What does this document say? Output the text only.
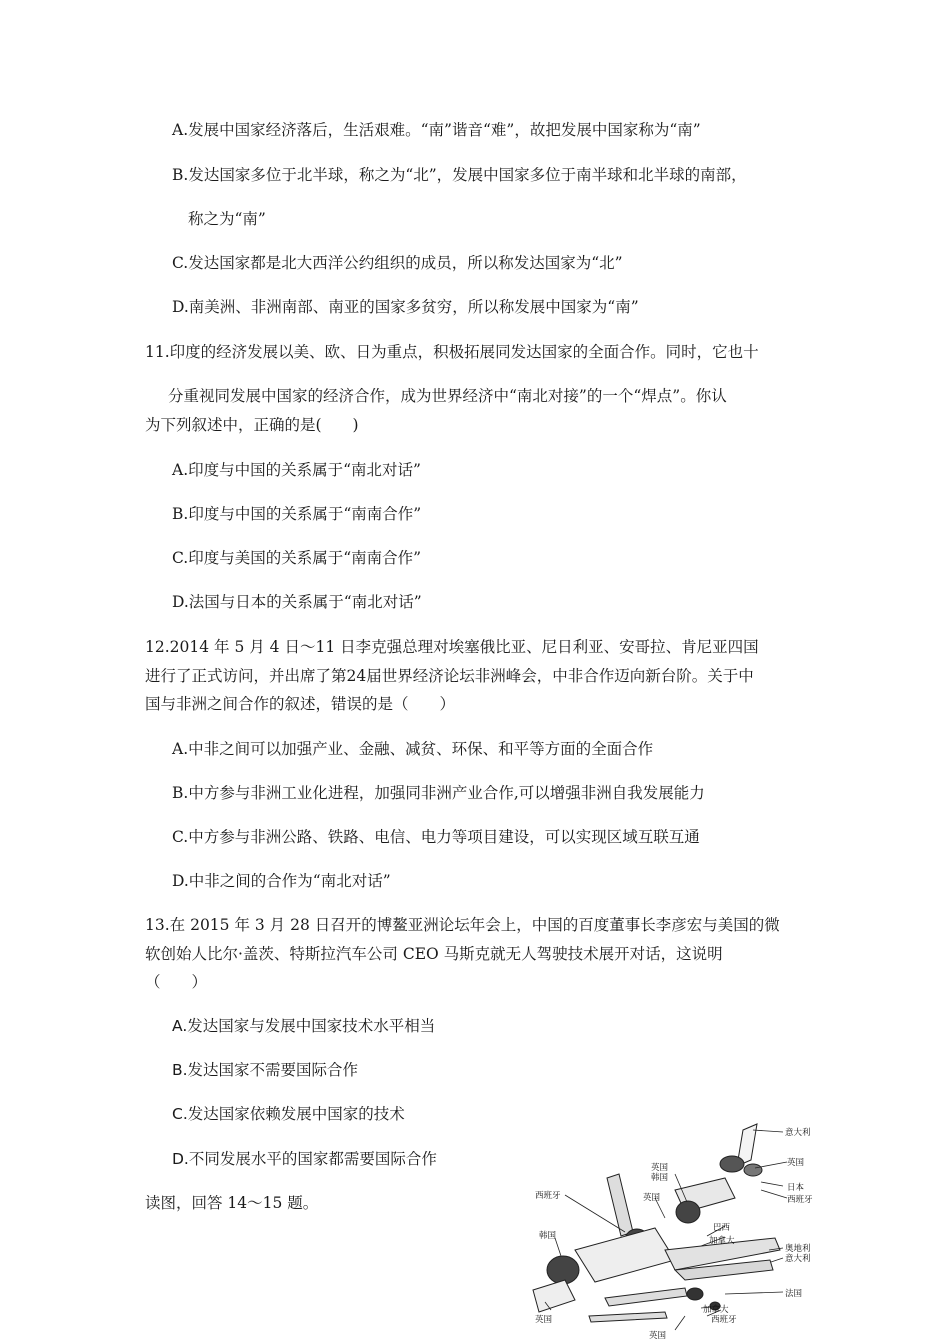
A.发展中国家经济落后，生活艰难。“南”谐音“难”，故把发展中国家称为“南”
B.发达国家多位于北半球，称之为“北”，发展中国家多位于南半球和北半球的南部，
称之为“南”
C.发达国家都是北大西洋公约组织的成员，所以称发达国家为“北”
D.南美洲、非洲南部、南亚的国家多贫穷，所以称发展中国家为“南”
11.印度的经济发展以美、欧、日为重点，积极拓展同发达国家的全面合作。同时，它也十
分重视同发展中国家的经济合作，成为世界经济中“南北对接”的一个“焊点”。你认
为下列叙述中，正确的是(　　)
A.印度与中国的关系属于“南北对话”
B.印度与中国的关系属于“南南合作”
C.印度与美国的关系属于“南南合作”
D.法国与日本的关系属于“南北对话”
12.2014 年 5 月 4 日～11 日李克强总理对埃塞俄比亚、尼日利亚、安哥拉、肯尼亚四国
进行了正式访问，并出席了第24届世界经济论坛非洲峰会，中非合作迈向新台阶。关于中
国与非洲之间合作的叙述，错误的是（　　）
A.中非之间可以加强产业、金融、减贫、环保、和平等方面的全面合作
B.中方参与非洲工业化进程，加强同非洲产业合作,可以增强非洲自我发展能力
C.中方参与非洲公路、铁路、电信、电力等项目建设，可以实现区域互联互通
D.中非之间的合作为“南北对话”
13.在 2015 年 3 月 28 日召开的博鳌亚洲论坛年会上，中国的百度董事长李彦宏与美国的微
软创始人比尔·盖茨、特斯拉汽车公司 CEO 马斯克就无人驾驶技术展开对话，这说明
（　　）
A.发达国家与发展中国家技术水平相当
B.发达国家不需要国际合作
C.发达国家依赖发展中国家的技术
D.不同发展水平的国家都需要国际合作
读图，回答 14～15 题。
意大利
英国
英国
韩国
日本
西班牙
西班牙	英国
巴西
韩国	加拿大
奥地利
意大利
法国
加拿大
西班牙
英国
英国
